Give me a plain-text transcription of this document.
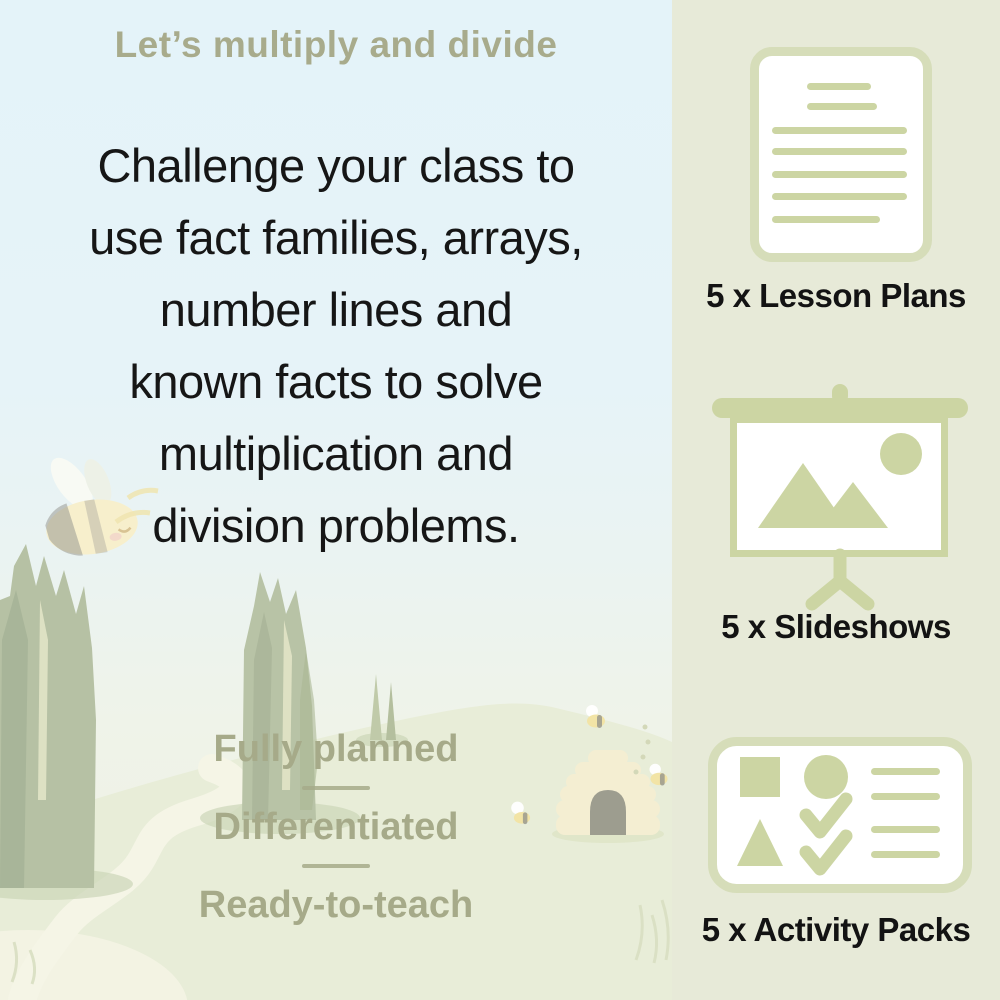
Let’s multiply and divide
Challenge your class to
use fact families, arrays,
number lines and
known facts to solve
multiplication and
division problems.
Fully planned
Differentiated
Ready-to-teach
5 x Lesson Plans
5 x Slideshows
5 x Activity Packs
